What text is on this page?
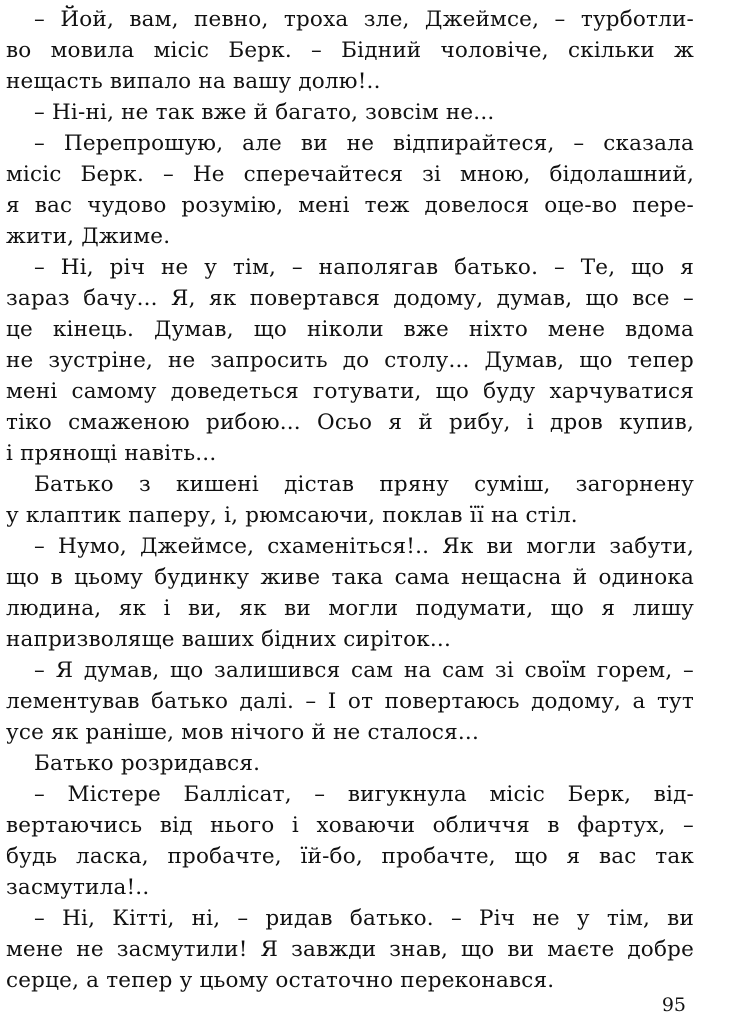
– Йой, вам, певно, троха зле, Джеймсе, – турботли-
во мовила місіс Берк. – Бідний чоловіче, скільки ж
нещасть випало на вашу долю!..
– Ні-ні, не так вже й багато, зовсім не...
– Перепрошую, але ви не відпирайтеся, – сказала
місіс Берк. – Не сперечайтеся зі мною, бідолашний,
я вас чудово розумію, мені теж довелося оце-во пере-
жити, Джиме.
– Ні, річ не у тім, – наполягав батько. – Те, що я
зараз бачу... Я, як повертався додому, думав, що все –
це кінець. Думав, що ніколи вже ніхто мене вдома
не зустріне, не запросить до столу... Думав, що тепер
мені самому доведеться готувати, що буду харчуватися
тіко смаженою рибою... Осьо я й рибу, і дров купив,
і прянощі навіть...
Батько з кишені дістав пряну суміш, загорнену
у клаптик паперу, і, рюмсаючи, поклав її на стіл.
– Нумо, Джеймсе, схаменіться!.. Як ви могли забути,
що в цьому будинку живе така сама нещасна й одинока
людина, як і ви, як ви могли подумати, що я лишу
напризволяще ваших бідних сиріток...
– Я думав, що залишився сам на сам зі своїм горем, –
лементував батько далі. – І от повертаюсь додому, а тут
усе як раніше, мов нічого й не сталося...
Батько розридався.
– Містере Баллісат, – вигукнула місіс Берк, від-
вертаючись від нього і ховаючи обличчя в фартух, –
будь ласка, пробачте, їй-бо, пробачте, що я вас так
засмутила!..
– Ні, Кітті, ні, – ридав батько. – Річ не у тім, ви
мене не засмутили! Я завжди знав, що ви маєте добре
серце, а тепер у цьому остаточно переконався.
95
